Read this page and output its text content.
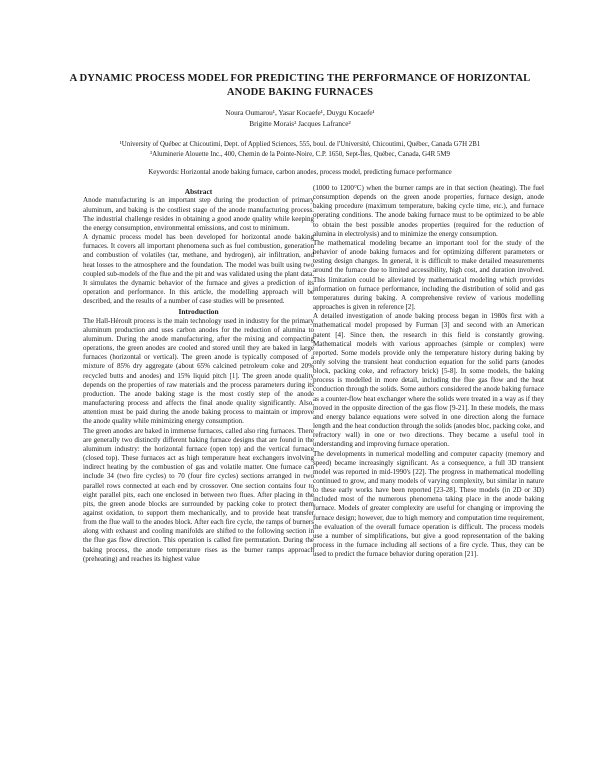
A DYNAMIC PROCESS MODEL FOR PREDICTING THE PERFORMANCE OF HORIZONTAL
ANODE BAKING FURNACES
Noura Oumarou¹, Yasar Kocaefe¹, Duygu Kocaefe¹
Brigitte Morais² Jacques Lafrance²
¹University of Québec at Chicoutimi, Dept. of Applied Sciences, 555, boul. de l'Université, Chicoutimi, Québec, Canada G7H 2B1
²Aluminerie Alouette Inc., 400, Chemin de la Pointe-Noire, C.P. 1650, Sept-Îles, Québec, Canada, G4R 5M9
Keywords: Horizontal anode baking furnace, carbon anodes, process model, predicting furnace performance
Abstract

Anode manufacturing is an important step during the production of primary aluminum, and baking is the costliest stage of the anode manufacturing process. The industrial challenge resides in obtaining a good anode quality while keeping the energy consumption, environmental emissions, and cost to minimum.

A dynamic process model has been developed for horizontal anode baking furnaces. It covers all important phenomena such as fuel combustion, generation and combustion of volatiles (tar, methane, and hydrogen), air infiltration, and heat losses to the atmosphere and the foundation. The model was built using two coupled sub-models of the flue and the pit and was validated using the plant data. It simulates the dynamic behavior of the furnace and gives a prediction of its operation and performance. In this article, the modelling approach will be described, and the results of a number of case studies will be presented.

Introduction

The Hall-Héroult process is the main technology used in industry for the primary aluminum production and uses carbon anodes for the reduction of alumina to aluminum. During the anode manufacturing, after the mixing and compacting operations, the green anodes are cooled and stored until they are baked in large furnaces (horizontal or vertical). The green anode is typically composed of a mixture of 85% dry aggregate (about 65% calcined petroleum coke and 20% recycled butts and anodes) and 15% liquid pitch [1]. The green anode quality depends on the properties of raw materials and the process parameters during its production. The anode baking stage is the most costly step of the anode manufacturing process and affects the final anode quality significantly. Also, attention must be paid during the anode baking process to maintain or improve the anode quality while minimizing energy consumption.

The green anodes are baked in immense furnaces, called also ring furnaces. There are generally two distinctly different baking furnace designs that are found in the aluminum industry: the horizontal furnace (open top) and the vertical furnace (closed top). These furnaces act as high temperature heat exchangers involving indirect heating by the combustion of gas and volatile matter. One furnace can include 34 (two fire cycles) to 70 (four fire cycles) sections arranged in two parallel rows connected at each end by crossover. One section contains four to eight parallel pits, each one enclosed in between two flues. After placing in the pits, the green anode blocks are surrounded by packing coke to protect them against oxidation, to support them mechanically, and to provide heat transfer from the flue wall to the anodes block. After each fire cycle, the ramps of burners along with exhaust and cooling manifolds are shifted to the following section in the flue gas flow direction. This operation is called fire permutation. During the baking process, the anode temperature rises as the burner ramps approach (preheating) and reaches its highest value

(1000 to 1200°C) when the burner ramps are in that section (heating). The fuel consumption depends on the green anode properties, furnace design, anode baking procedure (maximum temperature, baking cycle time, etc.), and furnace operating conditions. The anode baking furnace must to be optimized to be able to obtain the best possible anodes properties (required for the reduction of alumina in electrolysis) and to minimize the energy consumption.

The mathematical modeling became an important tool for the study of the behavior of anode baking furnaces and for optimizing different parameters or testing design changes. In general, it is difficult to make detailed measurements around the furnace due to limited accessibility, high cost, and duration involved. This limitation could be alleviated by mathematical modeling which provides information on furnace performance, including the distribution of solid and gas temperatures during baking. A comprehensive review of various modelling approaches is given in reference [2].

A detailed investigation of anode baking process began in 1980s first with a mathematical model proposed by Furman [3] and second with an American patent [4]. Since then, the research in this field is constantly growing. Mathematical models with various approaches (simple or complex) were reported. Some models provide only the temperature history during baking by only solving the transient heat conduction equation for the solid parts (anodes block, packing coke, and refractory brick) [5-8]. In some models, the baking process is modelled in more detail, including the flue gas flow and the heat conduction through the solids. Some authors considered the anode baking furnace as a counter-flow heat exchanger where the solids were treated in a way as if they moved in the opposite direction of the gas flow [9-21]. In these models, the mass and energy balance equations were solved in one direction along the furnace length and the heat conduction through the solids (anodes bloc, packing coke, and refractory wall) in one or two directions. They became a useful tool in understanding and improving furnace operation.

The developments in numerical modelling and computer capacity (memory and speed) became increasingly significant. As a consequence, a full 3D transient model was reported in mid-1990's [22]. The progress in mathematical modelling continued to grow, and many models of varying complexity, but similar in nature to these early works have been reported [23-28]. These models (in 2D or 3D) included most of the numerous phenomena taking place in the anode baking furnace. Models of greater complexity are useful for changing or improving the furnace design; however, due to high memory and computation time requirement, the evaluation of the overall furnace operation is difficult. The process models use a number of simplifications, but give a good representation of the baking process in the furnace including all sections of a fire cycle. Thus, they can be used to predict the furnace behavior during operation [21].
